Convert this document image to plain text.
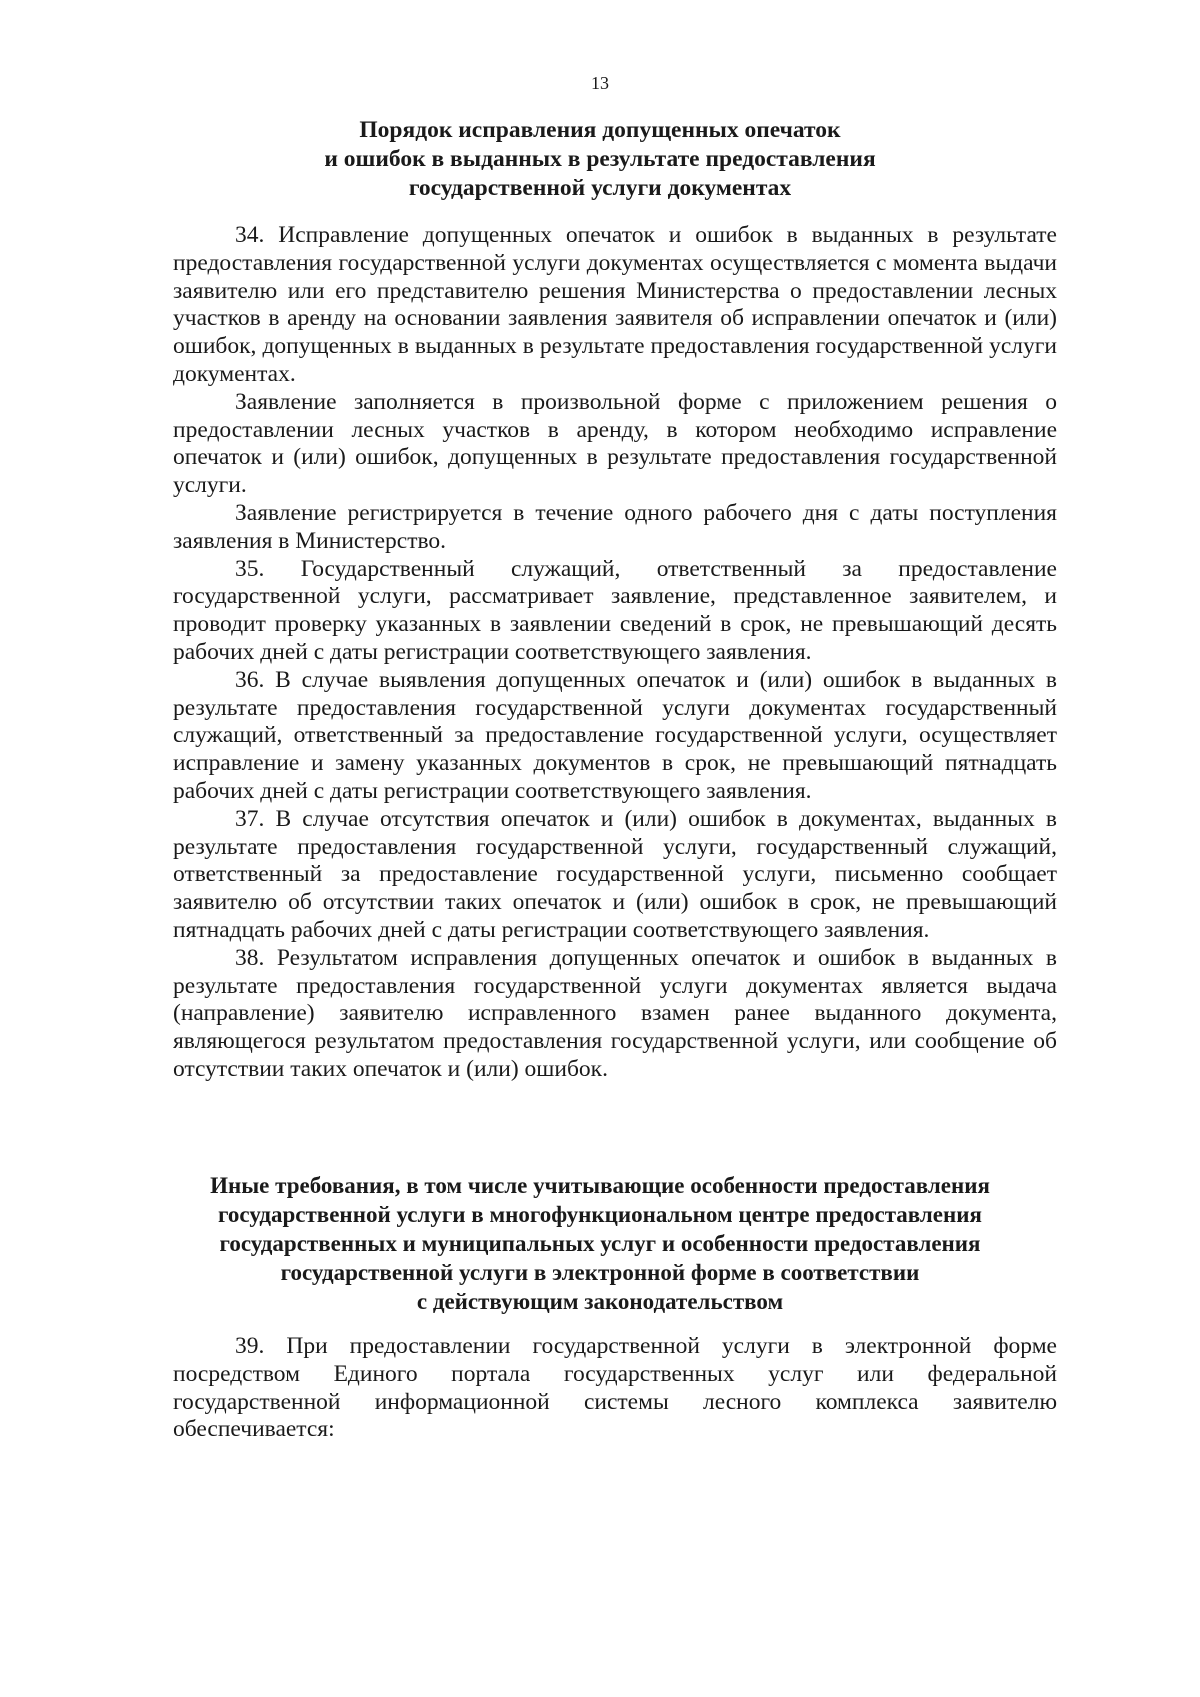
13
Порядок исправления допущенных опечаток
и ошибок в выданных в результате предоставления
государственной услуги документах

34. Исправление допущенных опечаток и ошибок в выданных в результате предоставления государственной услуги документах осуществляется с момента выдачи заявителю или его представителю решения Министерства о предоставлении лесных участков в аренду на основании заявления заявителя об исправлении опечаток и (или) ошибок, допущенных в выданных в результате предоставления государственной услуги документах.

Заявление заполняется в произвольной форме с приложением решения о предоставлении лесных участков в аренду, в котором необходимо исправление опечаток и (или) ошибок, допущенных в результате предоставления государственной услуги.

Заявление регистрируется в течение одного рабочего дня с даты поступления заявления в Министерство.

35. Государственный служащий, ответственный за предоставление государственной услуги, рассматривает заявление, представленное заявителем, и проводит проверку указанных в заявлении сведений в срок, не превышающий десять рабочих дней с даты регистрации соответствующего заявления.

36. В случае выявления допущенных опечаток и (или) ошибок в выданных в результате предоставления государственной услуги документах государственный служащий, ответственный за предоставление государственной услуги, осуществляет исправление и замену указанных документов в срок, не превышающий пятнадцать рабочих дней с даты регистрации соответствующего заявления.

37. В случае отсутствия опечаток и (или) ошибок в документах, выданных в результате предоставления государственной услуги, государственный служащий, ответственный за предоставление государственной услуги, письменно сообщает заявителю об отсутствии таких опечаток и (или) ошибок в срок, не превышающий пятнадцать рабочих дней с даты регистрации соответствующего заявления.

38. Результатом исправления допущенных опечаток и ошибок в выданных в результате предоставления государственной услуги документах является выдача (направление) заявителю исправленного взамен ранее выданного документа, являющегося результатом предоставления государственной услуги, или сообщение об отсутствии таких опечаток и (или) ошибок.

Иные требования, в том числе учитывающие особенности предоставления
государственной услуги в многофункциональном центре предоставления
государственных и муниципальных услуг и особенности предоставления
государственной услуги в электронной форме в соответствии
с действующим законодательством

39. При предоставлении государственной услуги в электронной форме посредством Единого портала государственных услуг или федеральной государственной информационной системы лесного комплекса заявителю обеспечивается:
